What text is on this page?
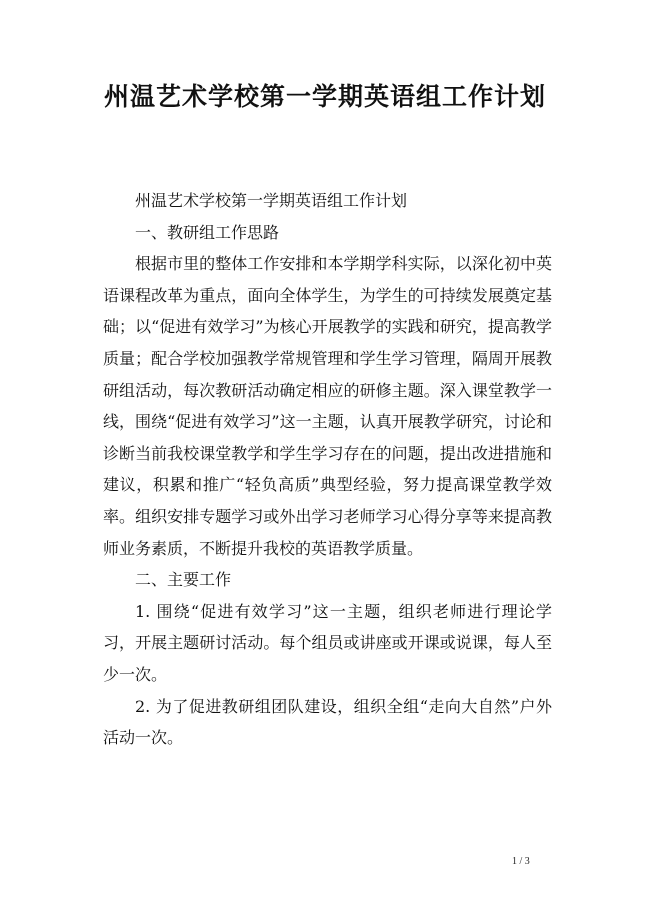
州温艺术学校第一学期英语组工作计划

州温艺术学校第一学期英语组工作计划

一、教研组工作思路

根据市里的整体工作安排和本学期学科实际，以深化初中英语课程改革为重点，面向全体学生，为学生的可持续发展奠定基础；以“促进有效学习”为核心开展教学的实践和研究，提高教学质量；配合学校加强教学常规管理和学生学习管理，隔周开展教研组活动，每次教研活动确定相应的研修主题。深入课堂教学一线，围绕“促进有效学习”这一主题，认真开展教学研究，讨论和诊断当前我校课堂教学和学生学习存在的问题，提出改进措施和建议，积累和推广“轻负高质”典型经验，努力提高课堂教学效率。组织安排专题学习或外出学习老师学习心得分享等来提高教师业务素质，不断提升我校的英语教学质量。

二、主要工作

1. 围绕“促进有效学习”这一主题，组织老师进行理论学习，开展主题研讨活动。每个组员或讲座或开课或说课，每人至少一次。

2. 为了促进教研组团队建设，组织全组“走向大自然”户外活动一次。

1 / 3
